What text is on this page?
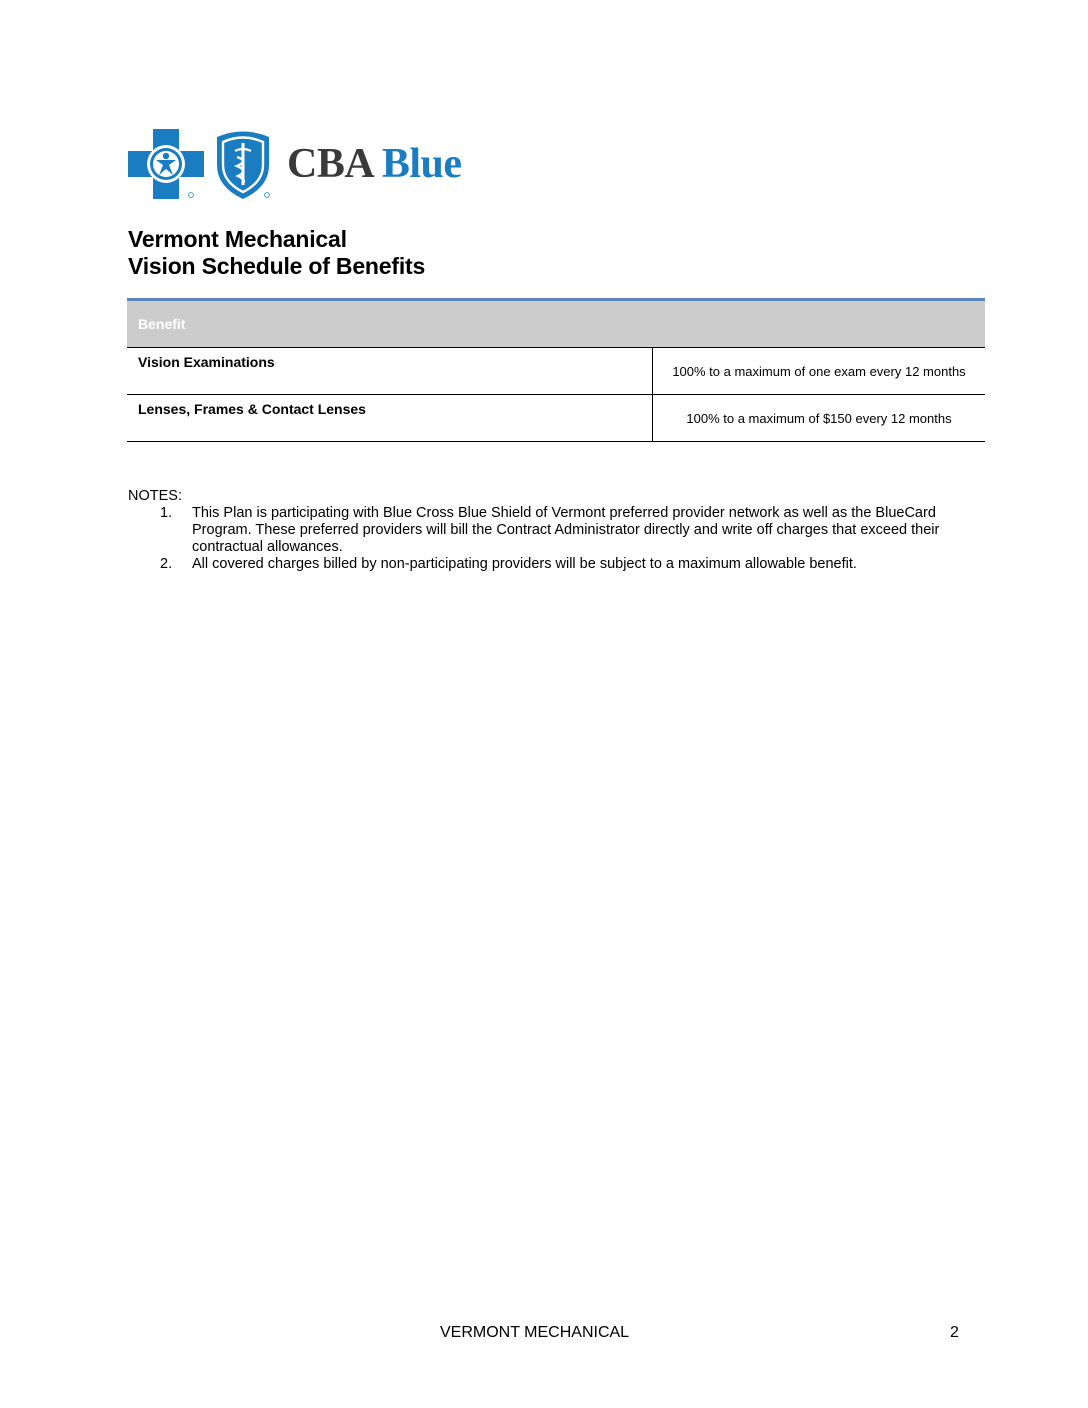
CBA Blue
Vermont Mechanical
Vision Schedule of Benefits
Benefit	
Vision Examinations	100% to a maximum of one exam every 12 months
Lenses, Frames & Contact Lenses	100% to a maximum of $150 every 12 months
NOTES:
1. This Plan is participating with Blue Cross Blue Shield of Vermont preferred provider network as well as the BlueCard Program. These preferred providers will bill the Contract Administrator directly and write off charges that exceed their contractual allowances.
2. All covered charges billed by non-participating providers will be subject to a maximum allowable benefit.
VERMONT MECHANICAL	2
